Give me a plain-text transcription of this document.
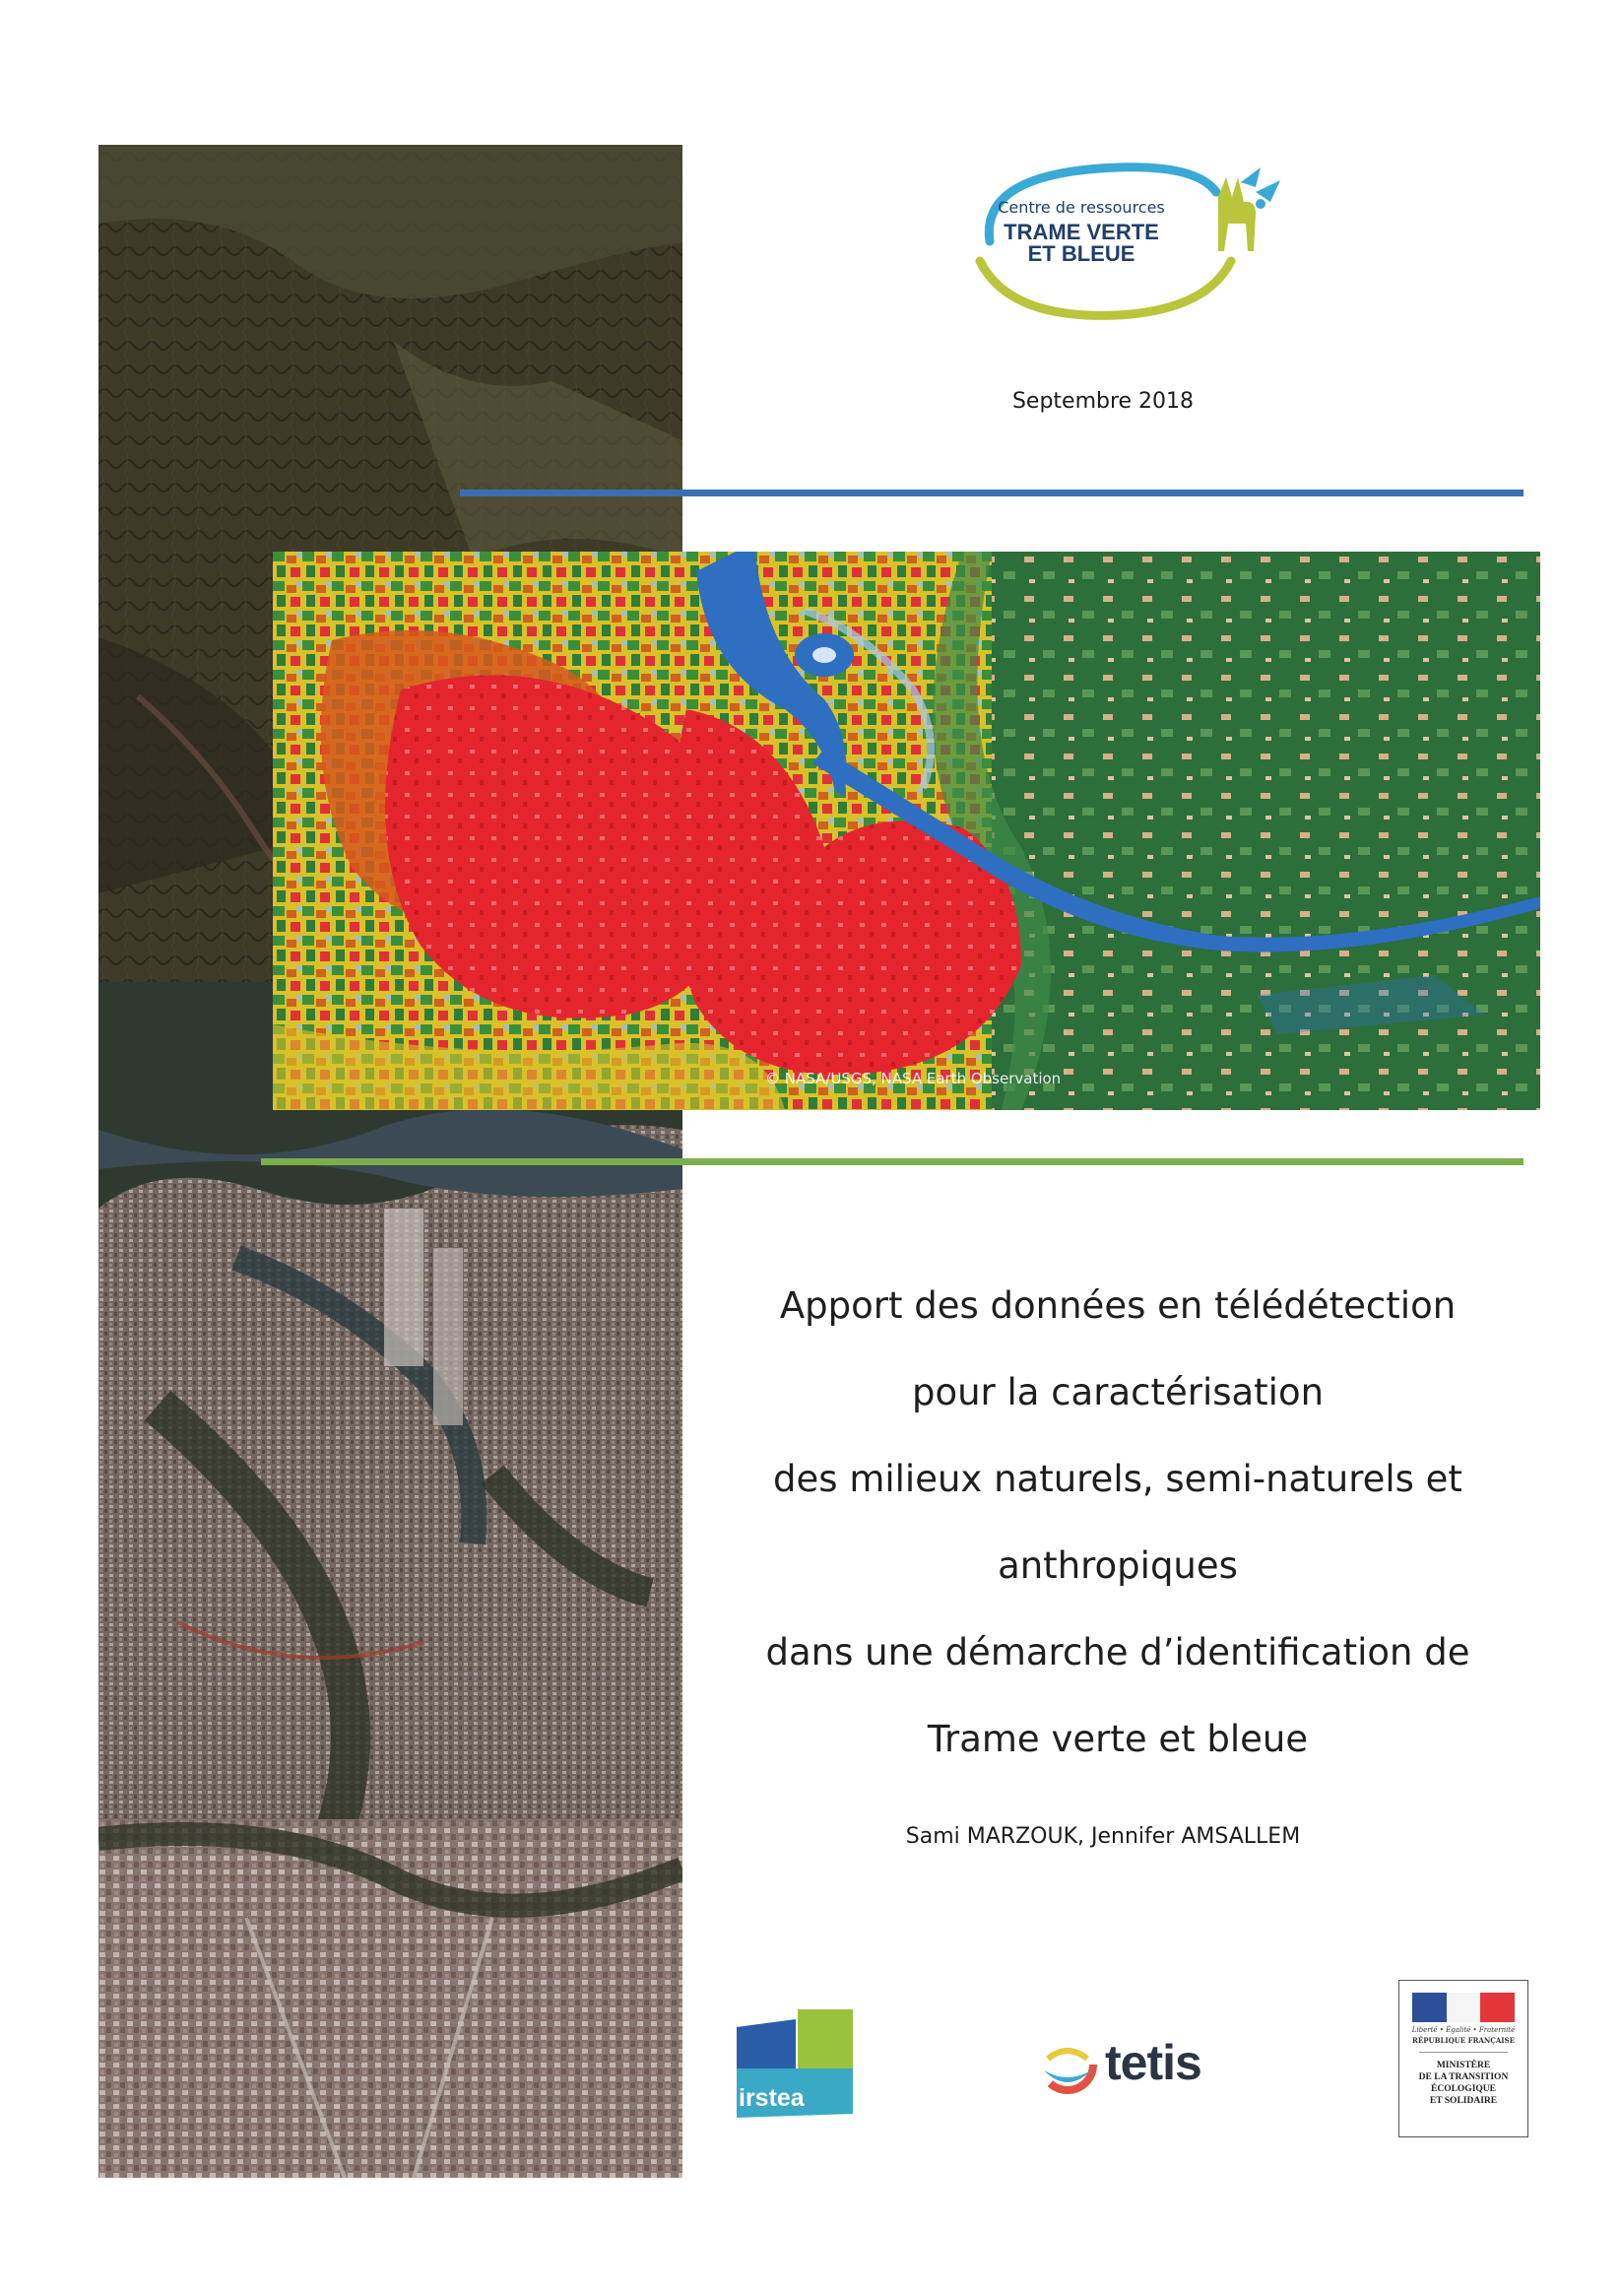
Centre de ressources
TRAME VERTE
ET BLEUE
Septembre 2018
© NASA/USGS, NASA Earth Observation
Apport des données en télédétection
pour la caractérisation
des milieux naturels, semi-naturels et
anthropiques
dans une démarche d’identification de
Trame verte et bleue
Sami MARZOUK, Jennifer AMSALLEM
irstea
tetis
Liberté • Égalité • Fraternité
RÉPUBLIQUE FRANÇAISE
MINISTÈRE
DE LA TRANSITION
ÉCOLOGIQUE
ET SOLIDAIRE
